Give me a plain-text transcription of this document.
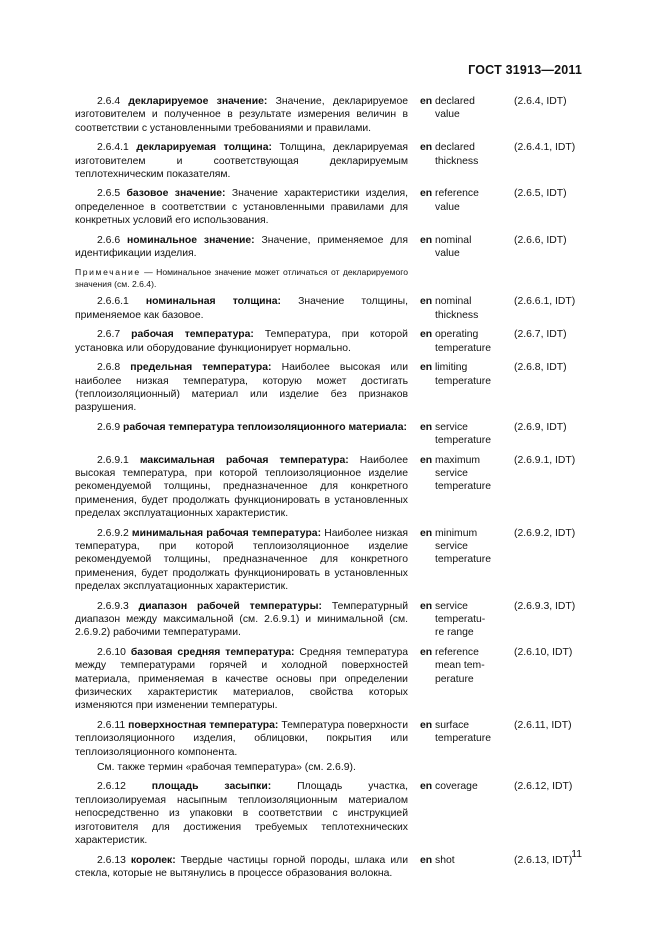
ГОСТ 31913—2011
2.6.4 декларируемое значение: Значение, декларируемое изготовителем и полученное в результате измерения величин в соответствии с установленными требованиями и правилами.
en declared
value
(2.6.4, IDT)
2.6.4.1 декларируемая толщина: Толщина, декларируемая изготовителем и соответствующая декларируемым теплотехническим показателям.
en declared
thickness
(2.6.4.1, IDT)
2.6.5 базовое значение: Значение характеристики изделия, определенное в соответствии с установленными правилами для конкретных условий его использования.
en reference
value
(2.6.5, IDT)
2.6.6 номинальное значение: Значение, применяемое для идентификации изделия.
en nominal
value
(2.6.6, IDT)
Примечание — Номинальное значение может отличаться от декларируемого значения (см. 2.6.4).
2.6.6.1 номинальная толщина: Значение толщины, применяемое как базовое.
en nominal
thickness
(2.6.6.1, IDT)
2.6.7 рабочая температура: Температура, при которой установка или оборудование функционирует нормально.
en operating
temperature
(2.6.7, IDT)
2.6.8 предельная температура: Наиболее высокая или наиболее низкая температура, которую может достигать (теплоизоляционный) материал или изделие без признаков разрушения.
en limiting
temperature
(2.6.8, IDT)
2.6.9 рабочая температура теплоизоляционного материала: en service
temperature
(2.6.9, IDT)
2.6.9.1 максимальная рабочая температура: Наиболее высокая температура, при которой теплоизоляционное изделие рекомендуемой толщины, предназначенное для конкретного применения, будет продолжать функционировать в установленных пределах эксплуатационных характеристик.
en maximum
service
temperature
(2.6.9.1, IDT)
2.6.9.2 минимальная рабочая температура: Наиболее низкая температура, при которой теплоизоляционное изделие рекомендуемой толщины, предназначенное для конкретного применения, будет продолжать функционировать в установленных пределах эксплуатационных характеристик.
en minimum
service
temperature
(2.6.9.2, IDT)
2.6.9.3 диапазон рабочей температуры: Температурный диапазон между максимальной (см. 2.6.9.1) и минимальной (см. 2.6.9.2) рабочими температурами.
en service
temperatu-
re range
(2.6.9.3, IDT)
2.6.10 базовая средняя температура: Средняя температура между температурами горячей и холодной поверхностей материала, применяемая в качестве основы при определении физических характеристик материалов, свойства которых изменяются при изменении температуры.
en reference
mean tem-
perature
(2.6.10, IDT)
2.6.11 поверхностная температура: Температура поверхности теплоизоляционного изделия, облицовки, покрытия или теплоизоляционного компонента.
en surface
temperature
(2.6.11, IDT)
См. также термин «рабочая температура» (см. 2.6.9).
2.6.12 площадь засыпки: Площадь участка, теплоизолируемая насыпным теплоизоляционным материалом непосредственно из упаковки в соответствии с инструкцией изготовителя для достижения требуемых теплотехнических характеристик.
en coverage	(2.6.12, IDT)
2.6.13 королек: Твердые частицы горной породы, шлака или стекла, которые не вытянулись в процессе образования волокна.
en shot	(2.6.13, IDT)
11
